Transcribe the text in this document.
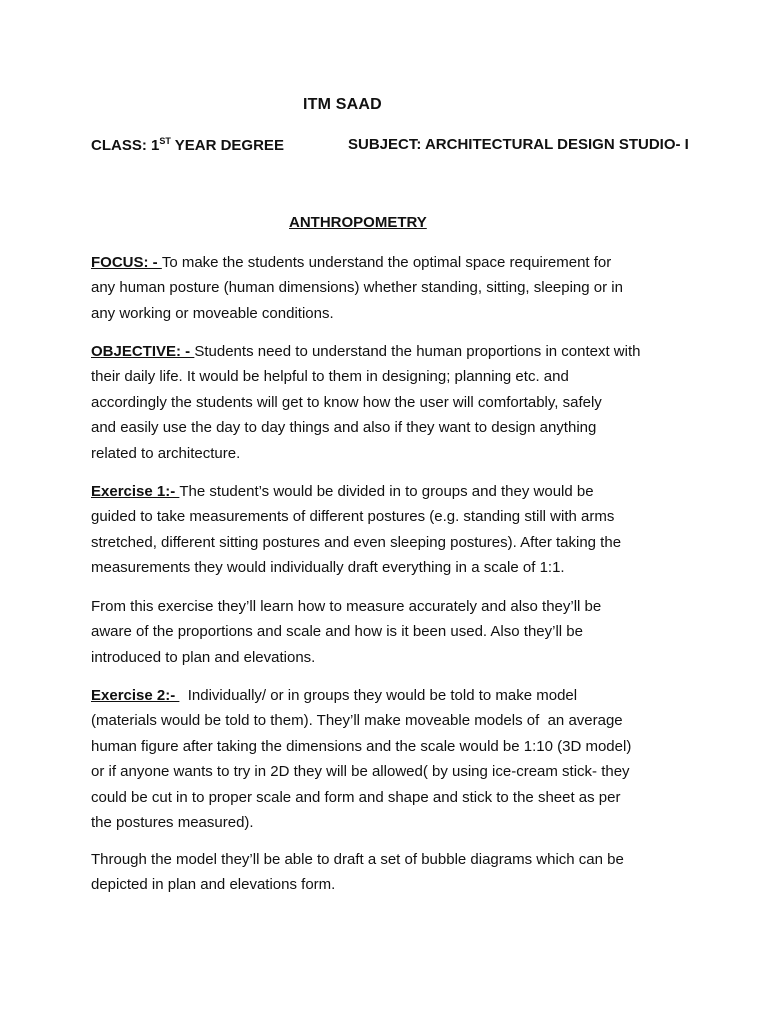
ITM SAAD
CLASS: 1ST YEAR DEGREE	SUBJECT: ARCHITECTURAL DESIGN STUDIO- I
ANTHROPOMETRY

FOCUS: - To make the students understand the optimal space requirement for
any human posture (human dimensions) whether standing, sitting, sleeping or in
any working or moveable conditions.

OBJECTIVE: - Students need to understand the human proportions in context with
their daily life. It would be helpful to them in designing; planning etc. and
accordingly the students will get to know how the user will comfortably, safely
and easily use the day to day things and also if they want to design anything
related to architecture.

Exercise 1:- The student’s would be divided in to groups and they would be
guided to take measurements of different postures (e.g. standing still with arms
stretched, different sitting postures and even sleeping postures). After taking the
measurements they would individually draft everything in a scale of 1:1.

From this exercise they’ll learn how to measure accurately and also they’ll be
aware of the proportions and scale and how is it been used. Also they’ll be
introduced to plan and elevations.

Exercise 2:-   Individually/ or in groups they would be told to make model
(materials would be told to them). They’ll make moveable models of  an average
human figure after taking the dimensions and the scale would be 1:10 (3D model)
or if anyone wants to try in 2D they will be allowed( by using ice-cream stick- they
could be cut in to proper scale and form and shape and stick to the sheet as per
the postures measured).

Through the model they’ll be able to draft a set of bubble diagrams which can be
depicted in plan and elevations form.
